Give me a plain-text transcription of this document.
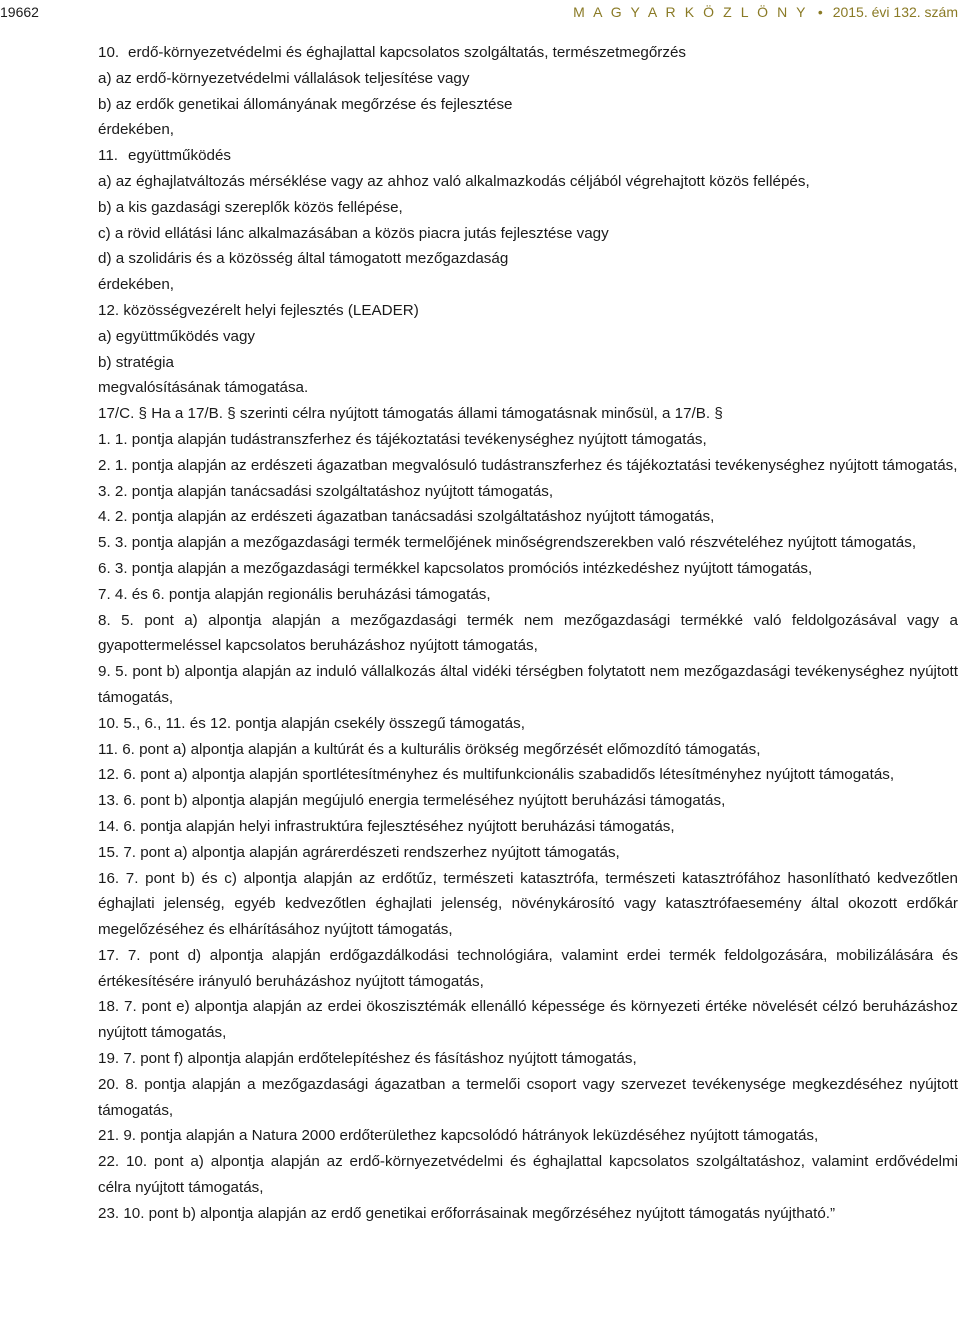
19662	M A G Y A R K Ö Z L Ö N Y • 2015. évi 132. szám
10. erdő-környezetvédelmi és éghajlattal kapcsolatos szolgáltatás, természetmegőrzés
a) az erdő-környezetvédelmi vállalások teljesítése vagy
b) az erdők genetikai állományának megőrzése és fejlesztése
érdekében,
11. együttműködés
a) az éghajlatváltozás mérséklése vagy az ahhoz való alkalmazkodás céljából végrehajtott közös fellépés,
b) a kis gazdasági szereplők közös fellépése,
c) a rövid ellátási lánc alkalmazásában a közös piacra jutás fejlesztése vagy
d) a szolidáris és a közösség által támogatott mezőgazdaság
érdekében,
12. közösségvezérelt helyi fejlesztés (LEADER)
a) együttműködés vagy
b) stratégia
megvalósításának támogatása.
17/C. § Ha a 17/B. § szerinti célra nyújtott támogatás állami támogatásnak minősül, a 17/B. §
1. 1. pontja alapján tudástranszferhez és tájékoztatási tevékenységhez nyújtott támogatás,
2. 1. pontja alapján az erdészeti ágazatban megvalósuló tudástranszferhez és tájékoztatási tevékenységhez nyújtott támogatás,
3. 2. pontja alapján tanácsadási szolgáltatáshoz nyújtott támogatás,
4. 2. pontja alapján az erdészeti ágazatban tanácsadási szolgáltatáshoz nyújtott támogatás,
5. 3. pontja alapján a mezőgazdasági termék termelőjének minőségrendszerekben való részvételéhez nyújtott támogatás,
6. 3. pontja alapján a mezőgazdasági termékkel kapcsolatos promóciós intézkedéshez nyújtott támogatás,
7. 4. és 6. pontja alapján regionális beruházási támogatás,
8. 5. pont a) alpontja alapján a mezőgazdasági termék nem mezőgazdasági termékké való feldolgozásával vagy a gyapottermeléssel kapcsolatos beruházáshoz nyújtott támogatás,
9. 5. pont b) alpontja alapján az induló vállalkozás által vidéki térségben folytatott nem mezőgazdasági tevékenységhez nyújtott támogatás,
10. 5., 6., 11. és 12. pontja alapján csekély összegű támogatás,
11. 6. pont a) alpontja alapján a kultúrát és a kulturális örökség megőrzését előmozdító támogatás,
12. 6. pont a) alpontja alapján sportlétesítményhez és multifunkcionális szabadidős létesítményhez nyújtott támogatás,
13. 6. pont b) alpontja alapján megújuló energia termeléséhez nyújtott beruházási támogatás,
14. 6. pontja alapján helyi infrastruktúra fejlesztéséhez nyújtott beruházási támogatás,
15. 7. pont a) alpontja alapján agrárerdészeti rendszerhez nyújtott támogatás,
16. 7. pont b) és c) alpontja alapján az erdőtűz, természeti katasztrófa, természeti katasztrófához hasonlítható kedvezőtlen éghajlati jelenség, egyéb kedvezőtlen éghajlati jelenség, növénykárosító vagy katasztrófaesemény által okozott erdőkár megelőzéséhez és elhárításához nyújtott támogatás,
17. 7. pont d) alpontja alapján erdőgazdálkodási technológiára, valamint erdei termék feldolgozására, mobilizálására és értékesítésére irányuló beruházáshoz nyújtott támogatás,
18. 7. pont e) alpontja alapján az erdei ökoszisztémák ellenálló képessége és környezeti értéke növelését célzó beruházáshoz nyújtott támogatás,
19. 7. pont f) alpontja alapján erdőtelepítéshez és fásításhoz nyújtott támogatás,
20. 8. pontja alapján a mezőgazdasági ágazatban a termelői csoport vagy szervezet tevékenysége megkezdéséhez nyújtott támogatás,
21. 9. pontja alapján a Natura 2000 erdőterülethez kapcsolódó hátrányok leküzdéséhez nyújtott támogatás,
22. 10. pont a) alpontja alapján az erdő-környezetvédelmi és éghajlattal kapcsolatos szolgáltatáshoz, valamint erdővédelmi célra nyújtott támogatás,
23. 10. pont b) alpontja alapján az erdő genetikai erőforrásainak megőrzéséhez nyújtott támogatás nyújtható.”
